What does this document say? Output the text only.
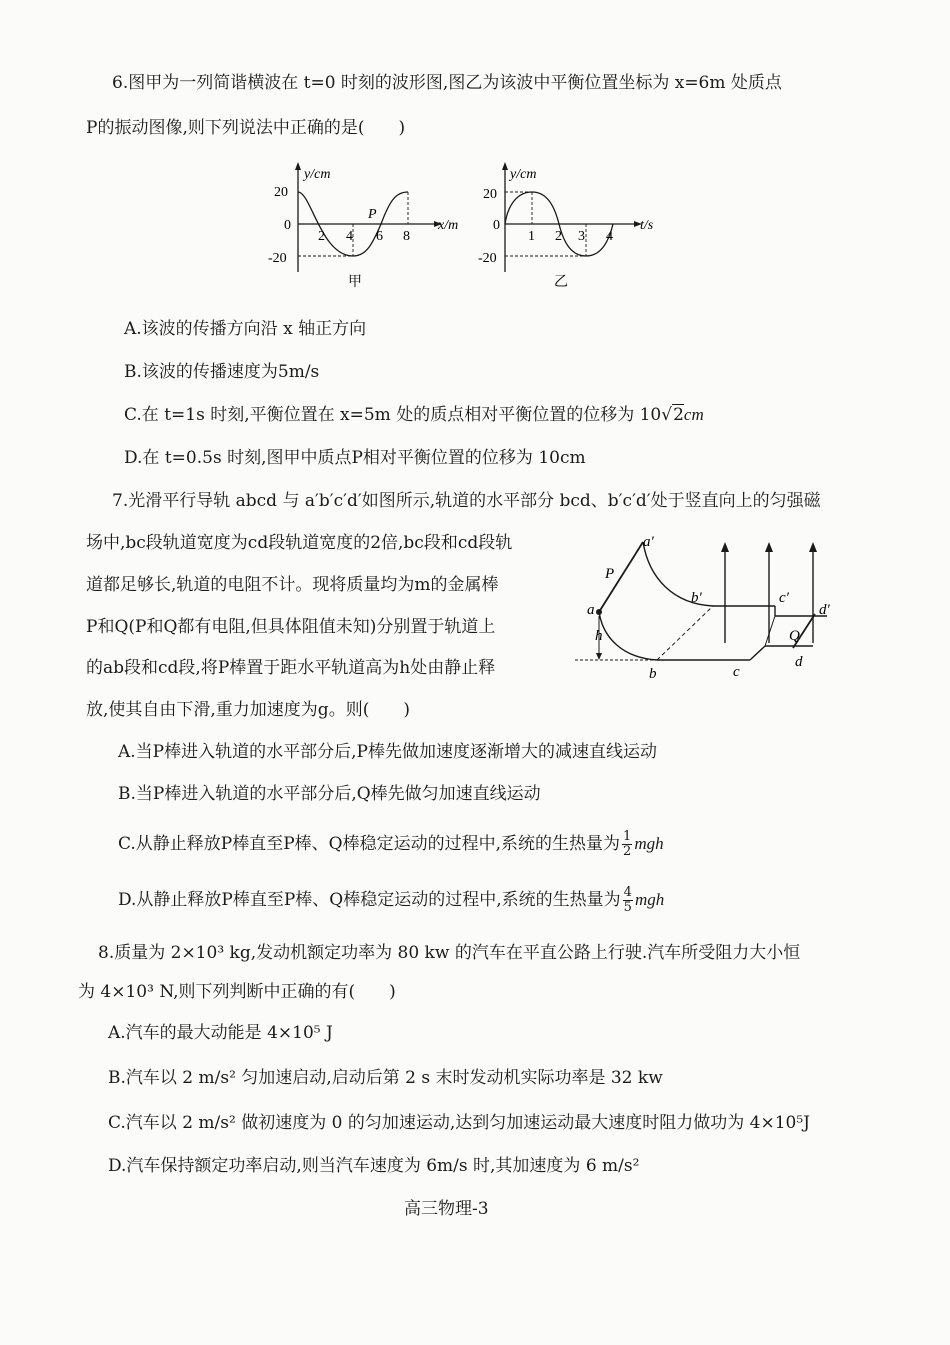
6.图甲为一列简谐横波在 t=0 时刻的波形图,图乙为该波中平衡位置坐标为 x=6m 处质点
P的振动图像,则下列说法中正确的是(　　)
y/cm
20
0
-20
2 4 6 8
P
x/m
甲
y/cm
20
0
-20
1 2 3 4
t/s
乙
A.该波的传播方向沿 x 轴正方向
B.该波的传播速度为5m/s
C.在 t=1s 时刻,平衡位置在 x=5m 处的质点相对平衡位置的位移为 10√2cm
D.在 t=0.5s 时刻,图甲中质点P相对平衡位置的位移为 10cm
7.光滑平行导轨 abcd 与 a′b′c′d′如图所示,轨道的水平部分 bcd、b′c′d′处于竖直向上的匀强磁
场中,bc段轨道宽度为cd段轨道宽度的2倍,bc段和cd段轨
道都足够长,轨道的电阻不计。现将质量均为m的金属棒
P和Q(P和Q都有电阻,但具体阻值未知)分别置于轨道上
的ab段和cd段,将P棒置于距水平轨道高为h处由静止释
放,使其自由下滑,重力加速度为g。则(　　)
a′
P
a
h
b′	c′
d′
Q
b	c
d
A.当P棒进入轨道的水平部分后,P棒先做加速度逐渐增大的减速直线运动
B.当P棒进入轨道的水平部分后,Q棒先做匀加速直线运动
C.从静止释放P棒直至P棒、Q棒稳定运动的过程中,系统的生热量为 $\frac{1}{2}$ mgh
D.从静止释放P棒直至P棒、Q棒稳定运动的过程中,系统的生热量为 $\frac{4}{5}$ mgh
8.质量为 2×10³ kg,发动机额定功率为 80 kw 的汽车在平直公路上行驶.汽车所受阻力大小恒
为 4×10³ N,则下列判断中正确的有(　　)
A.汽车的最大动能是 4×10⁵ J
B.汽车以 2 m/s² 匀加速启动,启动后第 2 s 末时发动机实际功率是 32 kw
C.汽车以 2 m/s² 做初速度为 0 的匀加速运动,达到匀加速运动最大速度时阻力做功为 4×10⁵J
D.汽车保持额定功率启动,则当汽车速度为 6m/s 时,其加速度为 6 m/s²
高三物理-3
